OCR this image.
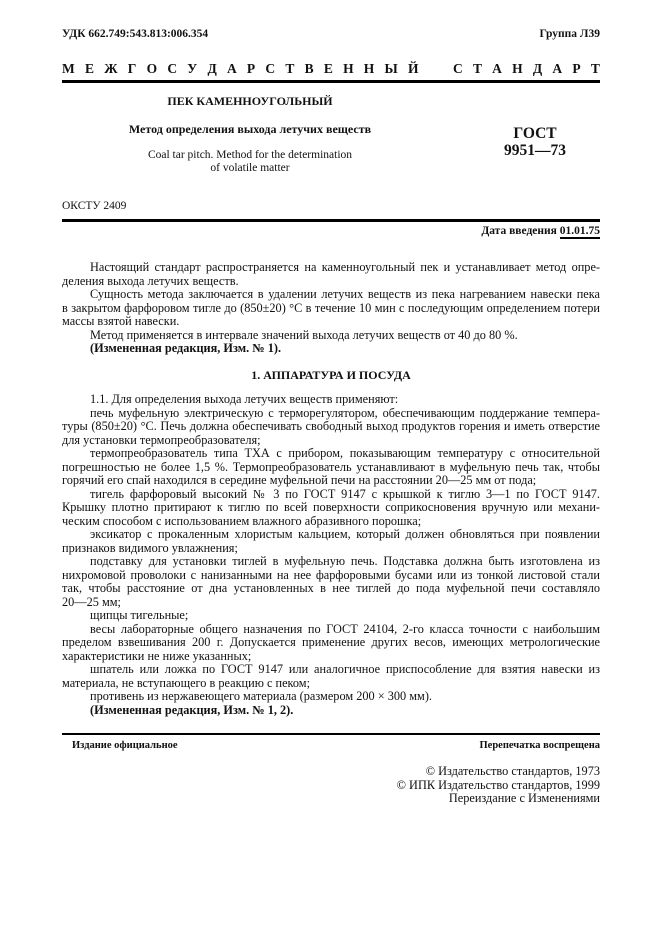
УДК 662.749:543.813:006.354	Группа Л39
М Е Ж Г О С У Д А Р С Т В Е Н Н Ы Й	С Т А Н Д А Р Т
ПЕК КАМЕННОУГОЛЬНЫЙ
Метод определения выхода летучих веществ
Coal tar pitch. Method for the determination
of volatile matter
ГОСТ
9951—73
ОКСТУ 2409
Дата введения 01.01.75
Настоящий стандарт распространяется на каменноугольный пек и устанавливает метод опре-
деления выхода летучих веществ.
Сущность метода заключается в удалении летучих веществ из пека нагреванием навески пека
в закрытом фарфоровом тигле до (850±20) °С в течение 10 мин с последующим определением потери
массы взятой навески.
Метод применяется в интервале значений выхода летучих веществ от 40 до 80 %.
(Измененная редакция, Изм. № 1).
1. АППАРАТУРА И ПОСУДА
1.1. Для определения выхода летучих веществ применяют:
печь муфельную электрическую с терморегулятором, обеспечивающим поддержание темпера-
туры (850±20) °С. Печь должна обеспечивать свободный выход продуктов горения и иметь отверстие
для установки термопреобразователя;
термопреобразователь типа ТХА с прибором, показывающим температуру с относительной
погрешностью не более 1,5 %. Термопреобразователь устанавливают в муфельную печь так, чтобы
горячий его спай находился в середине муфельной печи на расстоянии 20—25 мм от пода;
тигель фарфоровый высокий № 3 по ГОСТ 9147 с крышкой к тиглю 3—1 по ГОСТ 9147.
Крышку плотно притирают к тиглю по всей поверхности соприкосновения вручную или механи-
ческим способом с использованием влажного абразивного порошка;
эксикатор с прокаленным хлористым кальцием, который должен обновляться при появлении
признаков видимого увлажнения;
подставку для установки тиглей в муфельную печь. Подставка должна быть изготовлена из
нихромовой проволоки с нанизанными на нее фарфоровыми бусами или из тонкой листовой стали
так, чтобы расстояние от дна установленных в нее тиглей до пода муфельной печи составляло
20—25 мм;
щипцы тигельные;
весы лабораторные общего назначения по ГОСТ 24104, 2-го класса точности с наибольшим
пределом взвешивания 200 г. Допускается применение других весов, имеющих метрологические
характеристики не ниже указанных;
шпатель или ложка по ГОСТ 9147 или аналогичное приспособление для взятия навески из
материала, не вступающего в реакцию с пеком;
противень из нержавеющего материала (размером 200 × 300 мм).
(Измененная редакция, Изм. № 1, 2).
Издание официальное	Перепечатка воспрещена
© Издательство стандартов, 1973
© ИПК Издательство стандартов, 1999
Переиздание с Изменениями
